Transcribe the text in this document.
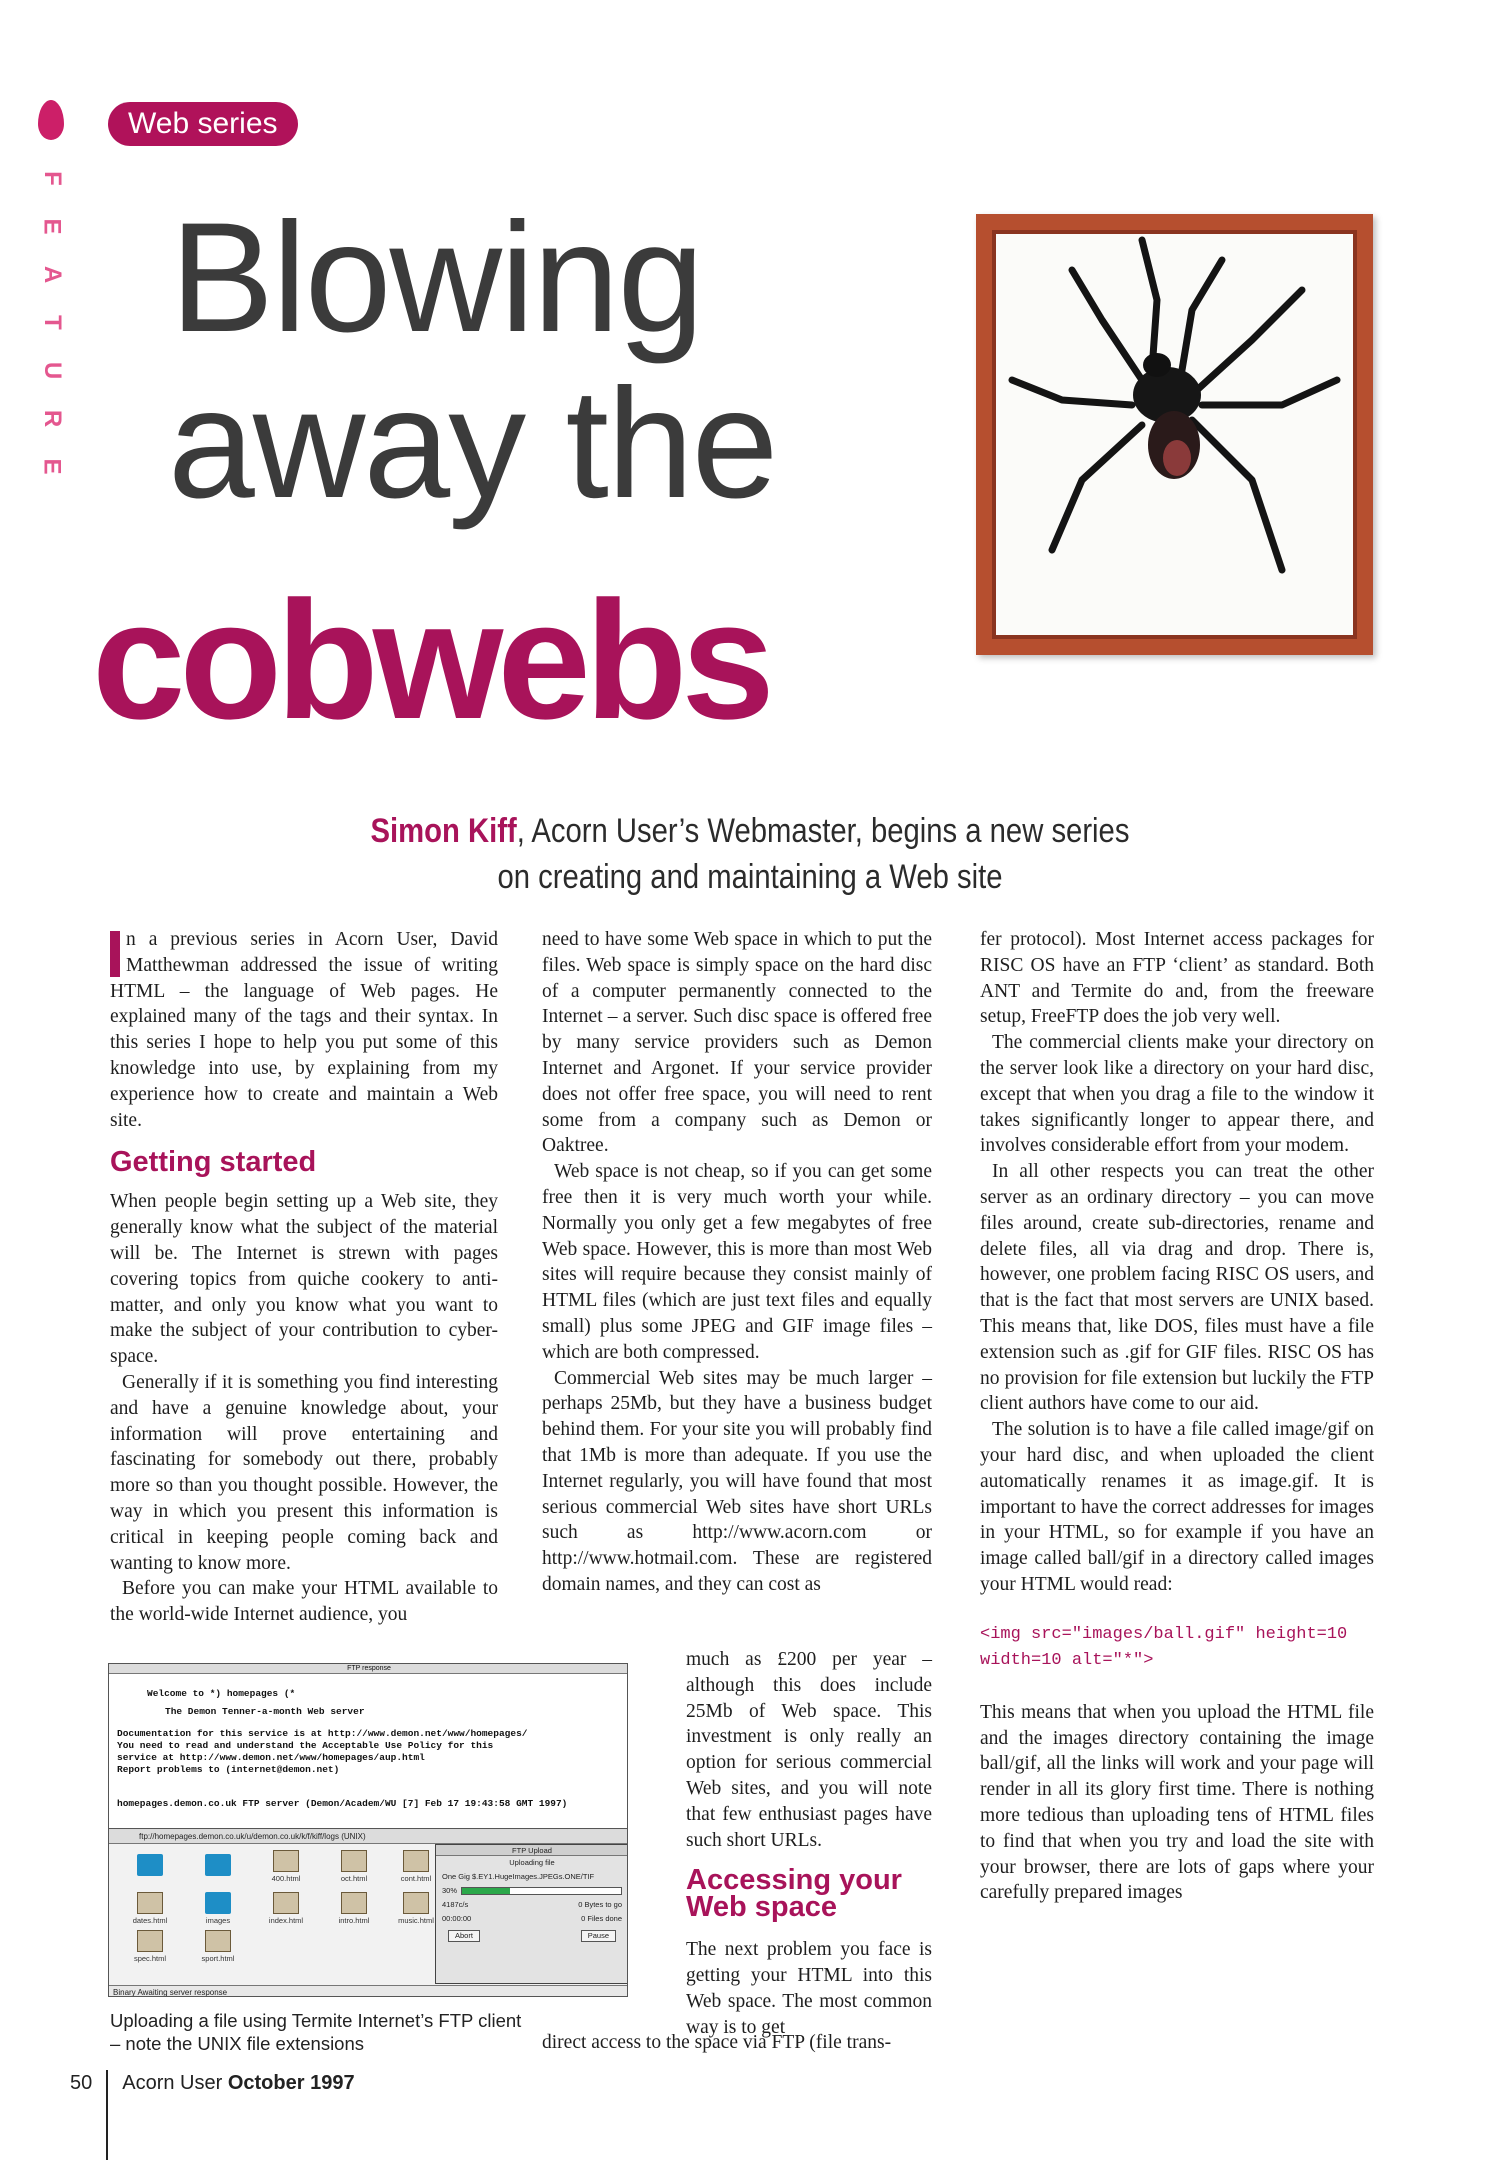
F
E
A
T
U
R
E
Web series
Blowing
away the
cobwebs
Simon Kiff, Acorn User’s Webmaster, begins a new series on creating and maintaining a Web site

n a previous series in Acorn User, David Matthewman addressed the issue of writing HTML – the language of Web pages. He explained many of the tags and their syntax. In this series I hope to help you put some of this knowledge into use, by explaining from my experience how to create and maintain a Web site.

Getting started

When people begin setting up a Web site, they generally know what the subject of the material will be. The Internet is strewn with pages covering topics from quiche cookery to anti-matter, and only you know what you want to make the subject of your contribution to cyber-space.

Generally if it is something you find interesting and have a genuine knowledge about, your information will prove entertaining and fascinating for somebody out there, probably more so than you thought possible. However, the way in which you present this information is critical in keeping people coming back and wanting to know more.

Before you can make your HTML available to the world-wide Internet audience, you

need to have some Web space in which to put the files. Web space is simply space on the hard disc of a computer permanently connected to the Internet – a server. Such disc space is offered free by many service providers such as Demon Internet and Argonet. If your service provider does not offer free space, you will need to rent some from a company such as Demon or Oaktree.

Web space is not cheap, so if you can get some free then it is very much worth your while. Normally you only get a few megabytes of free Web space. However, this is more than most Web sites will require because they consist mainly of HTML files (which are just text files and equally small) plus some JPEG and GIF image files – which are both compressed.

Commercial Web sites may be much larger – perhaps 25Mb, but they have a business budget behind them. For your site you will probably find that 1Mb is more than adequate. If you use the Internet regularly, you will have found that most serious commercial Web sites have short URLs such as http://www.acorn.com or http://www.hotmail.com. These are registered domain names, and they can cost as

much as £200 per year – although this does include 25Mb of Web space. This investment is only really an option for serious commercial Web sites, and you will note that few enthusiast pages have such short URLs.

Accessing your Web space

The next problem you face is getting your HTML into this Web space. The most common way is to get

direct access to the space via FTP (file trans-

fer protocol). Most Internet access packages for RISC OS have an FTP ‘client’ as standard. Both ANT and Termite do and, from the freeware setup, FreeFTP does the job very well.

The commercial clients make your directory on the server look like a directory on your hard disc, except that when you drag a file to the window it takes significantly longer to appear there, and involves considerable effort from your modem.

In all other respects you can treat the other server as an ordinary directory – you can move files around, create sub-directories, rename and delete files, all via drag and drop. There is, however, one problem facing RISC OS users, and that is the fact that most servers are UNIX based. This means that, like DOS, files must have a file extension such as .gif for GIF files. RISC OS has no provision for file extension but luckily the FTP client authors have come to our aid.

The solution is to have a file called image/gif on your hard disc, and when uploaded the client automatically renames it as image.gif. It is important to have the correct addresses for images in your HTML, so for example if you have an image called ball/gif in a directory called images your HTML would read:

<img src="images/ball.gif" height=10 width=10 alt="*">

This means that when you upload the HTML file and the images directory containing the image ball/gif, all the links will work and your page will render in all its glory first time. There is nothing more tedious than uploading tens of HTML files to find that when you try and load the site with your browser, there are lots of gaps where your carefully prepared images

FTP response
Welcome to *) homepages (*
The Demon Tenner-a-month Web server
Documentation for this service is at http://www.demon.net/www/homepages/
You need to read and understand the Acceptable Use Policy for this
service at http://www.demon.net/www/homepages/aup.html
Report problems to (internet@demon.net)
homepages.demon.co.uk FTP server (Demon/Academ/WU [7] Feb 17 19:43:58 GMT 1997)
ftp://homepages.demon.co.uk/u/demon.co.uk/k/f/kiff/logs (UNIX)
400.html	oct.html	cont.html
dates.html	images	index.html	intro.html	music.html
spec.html	sport.html
Binary Awaiting server response
FTP Upload
Uploading file
One Gig $.EY1.HugeImages.JPEGs.ONE/TIF
30%
4187c/s	0 Bytes to go
00:00:00	0 Files done
Abort	Pause
Uploading a file using Termite Internet’s FTP client – note the UNIX file extensions
50 Acorn User October 1997
